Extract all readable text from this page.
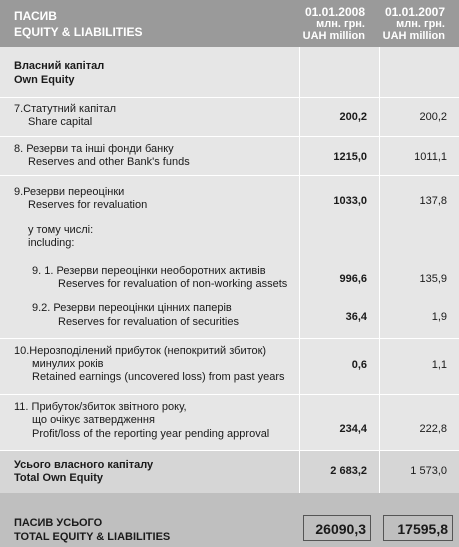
ПАСИВ
EQUITY & LIABILITIES
01.01.2008
млн. грн.
UAH million
01.01.2007
млн. грн.
UAH million
Власний капітал
Own Equity
7.Статутний капітал
Share capital	200,2	200,2
8. Резерви та інші фонди банку
Reserves and other Bank's funds	1215,0	1011,1
9.Резерви переоцінки
Reserves for revaluation	1033,0	137,8
у тому числі:
including:
9. 1. Резерви переоцінки необоротних активів
Reserves for revaluation of non-working assets	996,6	135,9
9.2. Резерви переоцінки цінних паперів
Reserves for revaluation of securities	36,4	1,9
10.Нерозподілений прибуток (непокритий збиток)
минулих років
Retained earnings (uncovered loss) from past years
0,6	1,1
11. Прибуток/збиток звітного року,
що очікує затвердження
Profit/loss of the reporting year pending approval	234,4	222,8
Усього власного капіталу
Total Own Equity
2 683,2	1 573,0
ПАСИВ УСЬОГО
TOTAL EQUITY & LIABILITIES	26090,3	17595,8
